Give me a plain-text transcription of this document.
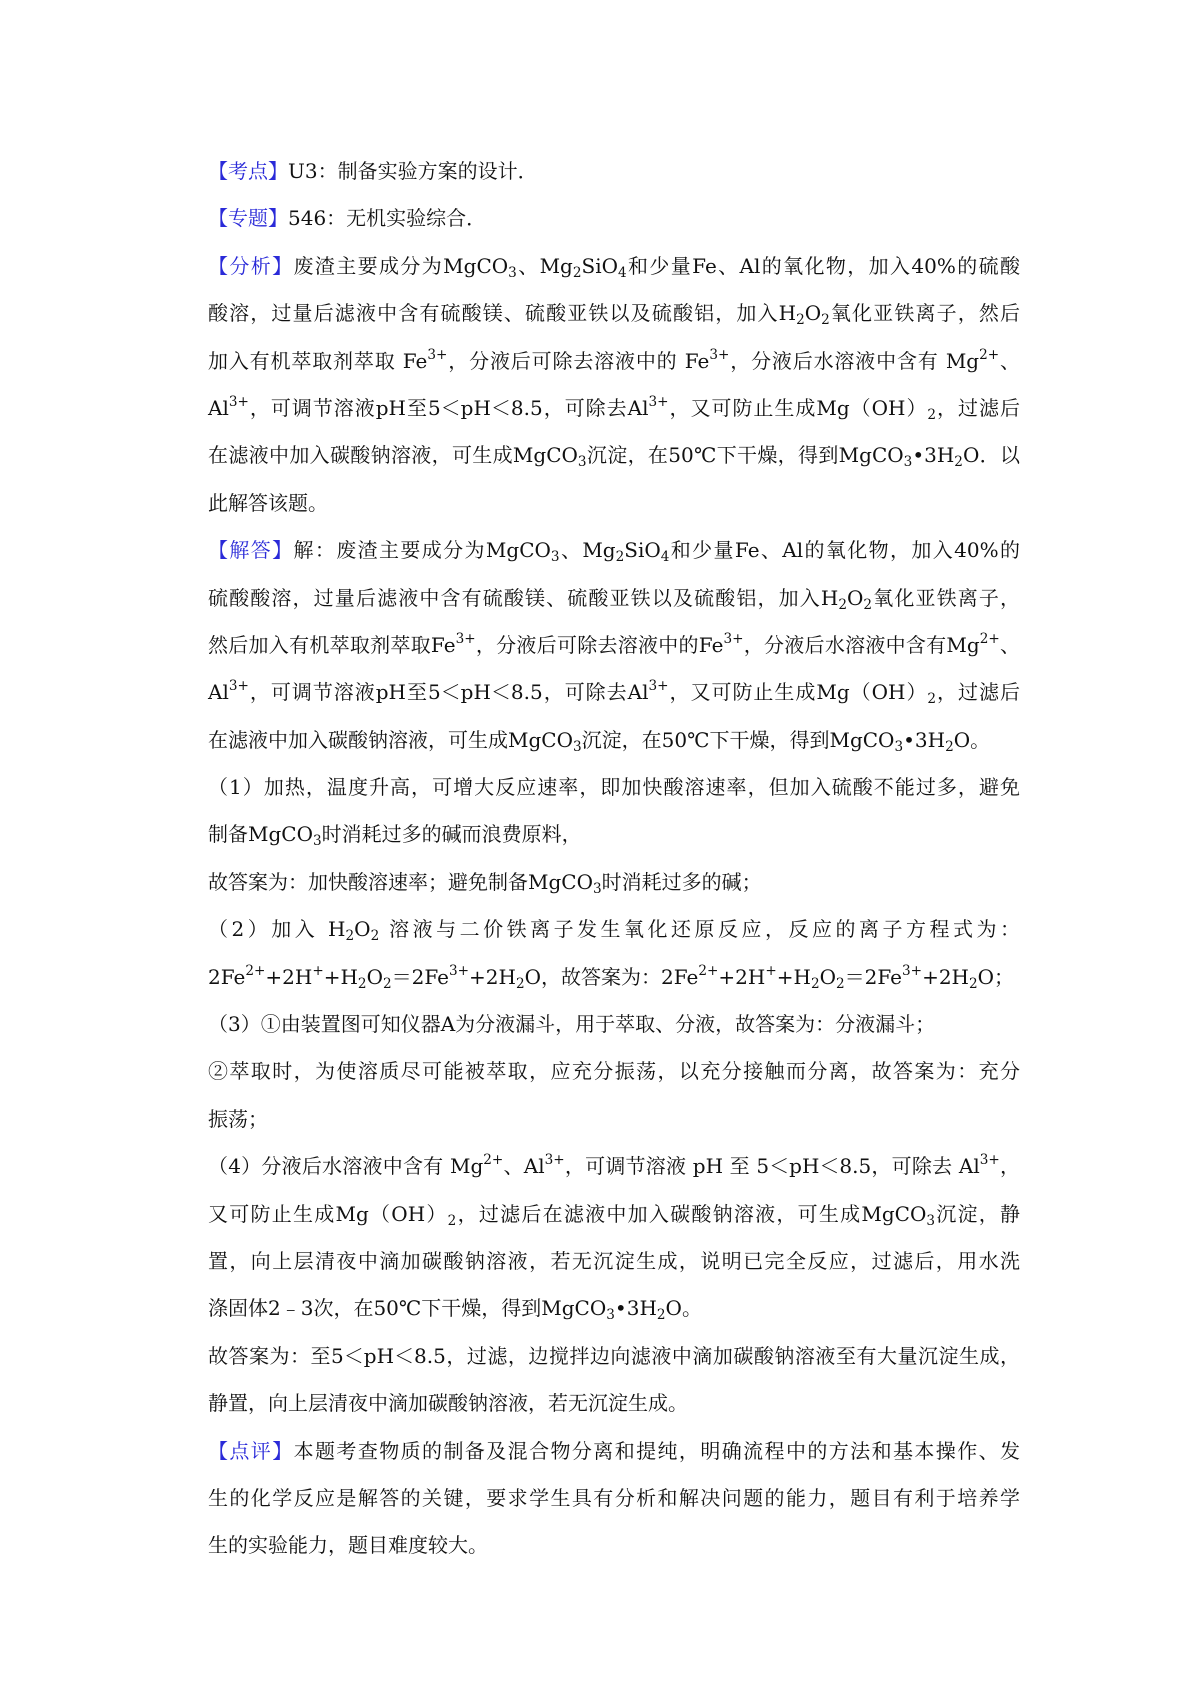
【考点】U3：制备实验方案的设计．
【专题】546：无机实验综合．
【分析】废渣主要成分为MgCO$_3$、$Mg_2SiO_4$和少量Fe、Al的氧化物，加入40%的硫酸
酸溶，过量后滤液中含有硫酸镁、硫酸亚铁以及硫酸铝，加入$H_2O_2$氧化亚铁离子，然后
加入有机萃取剂萃取 $Fe^{3+}$，分液后可除去溶液中的 $Fe^{3+}$，分液后水溶液中含有 $Mg^{2+}$、
$Al^{3+}$，可调节溶液pH至5＜pH＜8.5，可除去$Al^{3+}$，又可防止生成$Mg(OH)_2$，过滤后
在滤液中加入碳酸钠溶液，可生成MgCO$_3$沉淀，在50℃下干燥，得到$MgCO_3•3H_2O$．以
此解答该题。
【解答】解：废渣主要成分为MgCO$_3$、$Mg_2SiO_4$和少量Fe、Al的氧化物，加入40%的
硫酸酸溶，过量后滤液中含有硫酸镁、硫酸亚铁以及硫酸铝，加入$H_2O_2$氧化亚铁离子，
然后加入有机萃取剂萃取$Fe^{3+}$，分液后可除去溶液中的$Fe^{3+}$，分液后水溶液中含有$Mg^{2+}$、
$Al^{3+}$，可调节溶液pH至5＜pH＜8.5，可除去$Al^{3+}$，又可防止生成$Mg(OH)_2$，过滤后
在滤液中加入碳酸钠溶液，可生成MgCO$_3$沉淀，在50℃下干燥，得到$MgCO_3•3H_2O$。
（1）加热，温度升高，可增大反应速率，即加快酸溶速率，但加入硫酸不能过多，避免
制备MgCO$_3$时消耗过多的碱而浪费原料，
故答案为：加快酸溶速率；避免制备MgCO$_3$时消耗过多的碱；
（2）加入 $H_2O_2$ 溶液与二价铁离子发生氧化还原反应，反应的离子方程式为：
$2Fe^{2+}+2H^++H_2O_2=2Fe^{3+}+2H_2O$，故答案为：$2Fe^{2+}+2H^++H_2O_2=2Fe^{3+}+2H_2O$；
（3）①由装置图可知仪器A为分液漏斗，用于萃取、分液，故答案为：分液漏斗；
②萃取时，为使溶质尽可能被萃取，应充分振荡，以充分接触而分离，故答案为：充分
振荡；
（4）分液后水溶液中含有 $Mg^{2+}$、$Al^{3+}$，可调节溶液 pH 至 5＜pH＜8.5，可除去 $Al^{3+}$，
又可防止生成$Mg(OH)_2$，过滤后在滤液中加入碳酸钠溶液，可生成MgCO$_3$沉淀，静
置，向上层清夜中滴加碳酸钠溶液，若无沉淀生成，说明已完全反应，过滤后，用水洗
涤固体2﹣3次，在50℃下干燥，得到$MgCO_3•3H_2O$。
故答案为：至5＜pH＜8.5，过滤，边搅拌边向滤液中滴加碳酸钠溶液至有大量沉淀生成，
静置，向上层清夜中滴加碳酸钠溶液，若无沉淀生成。
【点评】本题考查物质的制备及混合物分离和提纯，明确流程中的方法和基本操作、发
生的化学反应是解答的关键，要求学生具有分析和解决问题的能力，题目有利于培养学
生的实验能力，题目难度较大。
